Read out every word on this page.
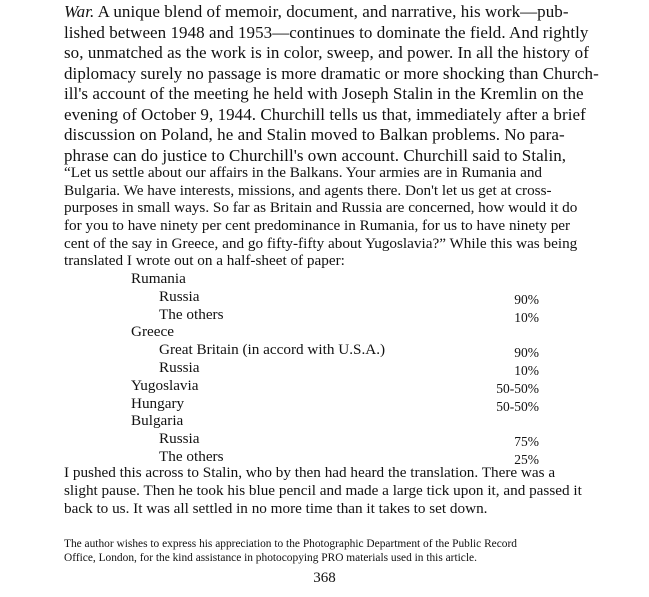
War. A unique blend of memoir, document, and narrative, his work—pub-
lished between 1948 and 1953—continues to dominate the field. And rightly
so, unmatched as the work is in color, sweep, and power. In all the history of
diplomacy surely no passage is more dramatic or more shocking than Church-
ill's account of the meeting he held with Joseph Stalin in the Kremlin on the
evening of October 9, 1944. Churchill tells us that, immediately after a brief
discussion on Poland, he and Stalin moved to Balkan problems. No para-
phrase can do justice to Churchill's own account. Churchill said to Stalin,
“Let us settle about our affairs in the Balkans. Your armies are in Rumania and
Bulgaria. We have interests, missions, and agents there. Don't let us get at cross-
purposes in small ways. So far as Britain and Russia are concerned, how would it do
for you to have ninety per cent predominance in Rumania, for us to have ninety per
cent of the say in Greece, and go fifty-fifty about Yugoslavia?” While this was being
translated I wrote out on a half-sheet of paper:
Rumania
Russia	90%
The others	10%
Greece
Great Britain (in accord with U.S.A.)	90%
Russia	10%
Yugoslavia	50-50%
Hungary	50-50%
Bulgaria
Russia	75%
The others	25%
I pushed this across to Stalin, who by then had heard the translation. There was a
slight pause. Then he took his blue pencil and made a large tick upon it, and passed it
back to us. It was all settled in no more time than it takes to set down.
The author wishes to express his appreciation to the Photographic Department of the Public Record
Office, London, for the kind assistance in photocopying PRO materials used in this article.
368
